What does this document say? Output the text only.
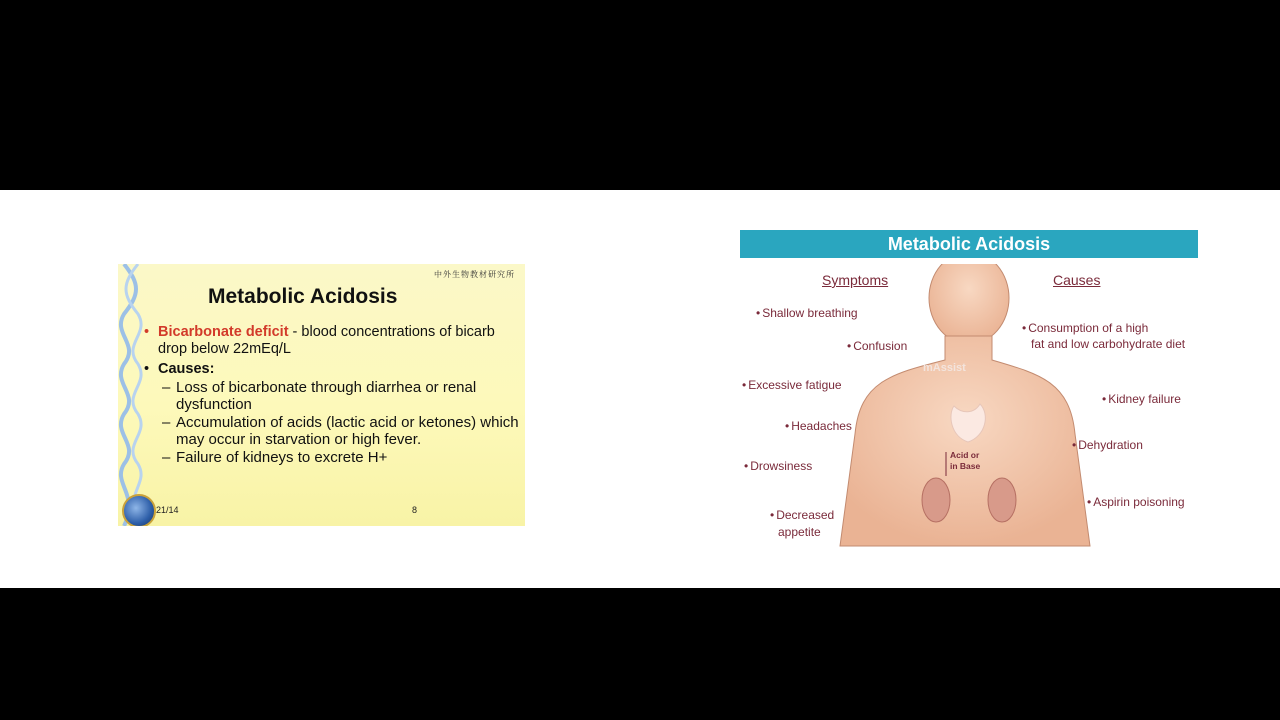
中外生物教材研究所
Metabolic Acidosis
• Bicarbonate deficit - blood concentrations of bicarb drop below 22mEq/L
• Causes:
– Loss of bicarbonate through diarrhea or renal dysfunction
– Accumulation of acids (lactic acid or ketones) which may occur in starvation or high fever.
– Failure of kidneys to excrete H+
21/14	8
Metabolic Acidosis
mAssist
Acid or
in Base
Symptoms	Causes
• Shallow breathing
• Confusion
• Excessive fatigue
• Headaches
• Drowsiness
• Decreased
appetite
• Consumption of a high
fat and low carbohydrate diet
• Kidney failure
• Dehydration
• Aspirin poisoning
